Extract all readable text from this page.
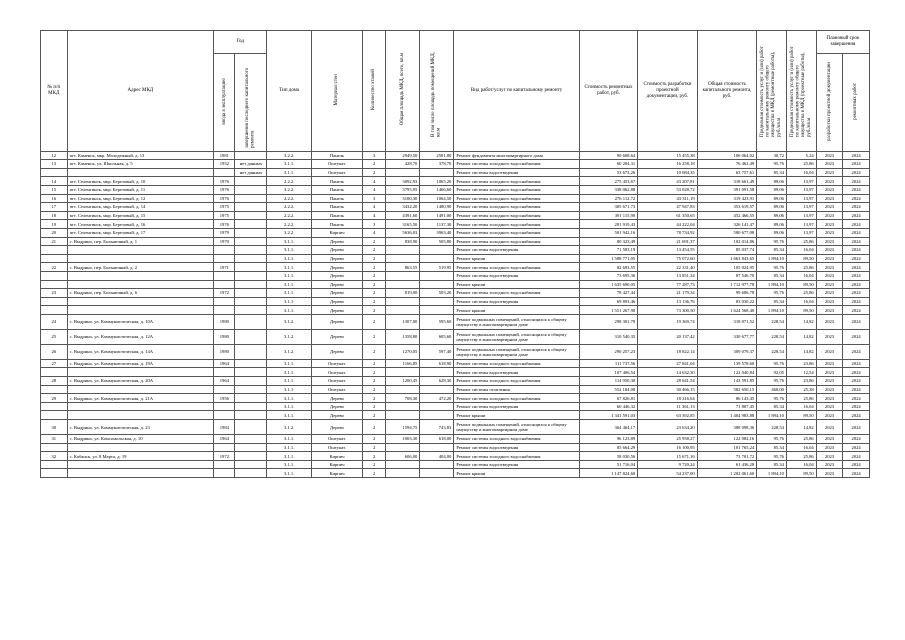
№ п/п МКД	Адрес МКД	Год		Тип дома	Материал стен	Количество этажей	Общая площадь МКД, всего, кв.м	В том числе площадь помещений МКД, кв.м	Вид работ/услуг по капитальному ремонту	Стоимость ремонтных работ, руб.	Стоимость разработки проектной документации, руб.	Общая стоимость капитального ремонта, руб.	Предельная стоимость услуг и (или) работ по капитальному ремонту общего имущества в МКД (ремонтные работы), руб./кв.м	Предельная стоимость услуг и (или) работ по капитальному ремонту общего имущества в МКД (проектные работы), руб./кв.м	Плановый срок завершения	
		ввода в эксплуатацию	завершения последнего капитального ремонта												разработки проектной документации	ремонтных работ
12	пгт. Каменск, мкр. Молодежный, д. 13	1981		3.2.2.	Панель	3	2949,50	2581,80	Ремонт фундамента многоквартирного дома	90 608,64	15 455,38	106 064,02	30,72	5,24	2023	2024
13	пгт. Каменск, ул. Школьная, д. 5	1952	нет данных	3.1.1.	Оштукат.	2	428,70	378,70	Ремонт системы холодного водоснабжения	60 204,31	16 258,18	76 462,49	95,76	25,86	2023	2024
			нет данных	3.1.1.	Оштукат.	2			Ремонт системы водоотведения	53 673,26	10 084,35	63 757,61	85,34	16,04	2023	2024
14	пгт. Селенгинск, мкр. Березовый, д. 10	1976		2.2.2.	Панель	4	3092,93	1065,20	Ремонт системы холодного водоснабжения	275 453,67	43 207,81	318 661,49	89,06	13,97	2023	2024
15	пгт. Селенгинск, мкр. Березовый, д. 11	1976		3.2.2.	Панель	4	3795,95	1466,60	Ремонт системы холодного водоснабжения	338 062,88	53 028,72	391 091,58	89,06	13,97	2023	2024
16	пгт. Селенгинск, мкр. Березовый, д. 12	1976		2.2.2.	Панель	3	3100,30	1064,50	Ремонт системы холодного водоснабжения	276 112,72	43 311,19	319 423,91	89,06	13,97	2023	2024
17	пгт. Селенгинск, мкр. Березовый, д. 14	1975		2.2.2.	Панель	4	3432,20	1480,90	Ремонт системы холодного водоснабжения	305 671,73	47 947,83	353 619,57	89,06	13,97	2023	2024
18	пгт. Селенгинск, мкр. Березовый, д. 15	1975		2.2.2.	Панель	4	4391,60	1491,00	Ремонт системы холодного водоснабжения	391 115,90	61 350,65	452 466,55	89,06	13,97	2023	2024
19	пгт. Селенгинск, мкр. Березовый, д. 16	1976		2.2.2.	Панель	3	3165,50	1137,30	Ремонт системы холодного водоснабжения	281 919,43	44 222,04	326 141,47	89,06	13,97	2023	2024
20	пгт. Селенгинск, мкр. Березовый, д. 17	1979		3.2.2.	Кирпич	4	5636,03	3963,40	Ремонт системы холодного водоснабжения	501 942,16	78 734,92	580 677,08	89,06	13,97	2023	2024
21	с. Выдрино, пер. Больничный, д. 1	1970		3.1.1.	Дерево	2	838,90	505,80	Ремонт системы холодного водоснабжения	80 323,49	21 691,37	102 014,86	95,76	25,86	2023	2024
				3.1.1.	Дерево	2			Ремонт системы водоотведения	71 583,19	13 454,55	85 037,74	85,34	16,04	2023	2024
				3.1.1.	Дерево	2			Ремонт крыши	1 588 771,05	75 072,60	1 663 843,65	1 894,10	89,50	2023	2024
22	с. Выдрино, пер. Больничный, д. 2	1971		3.1.1.	Дерево	2	863,55	519,95	Ремонт системы холодного водоснабжения	82 693,55	22 331,40	105 024,95	95,76	25,86	2023	2024
				3.1.1.	Дерево	2			Ремонт системы водоотведения	73 695,36	13 851,34	87 546,70	85,34	16,04	2023	2024
				3.1.1.	Дерево	2			Ремонт крыши	1 635 690,05	77 287,73	1 712 977,78	1 894,10	89,50	2023	2024
23	с. Выдрино, пер. Больничный, д. 6	1972		3.1.1.	Дерево	2	819,00	503,20	Ремонт системы холодного водоснабжения	78 427,44	21 179,34	99 606,78	95,76	25,86	2023	2024
				3.1.1.	Дерево	2			Ремонт системы водоотведения	69 893,46	13 136,76	83 030,22	85,34	16,04	2023	2024
				3.1.1.	Дерево	2			Ремонт крыши	1 551 267,90	73 300,50	1 624 568,40	1 894,10	89,50	2023	2024
24	с. Выдрино, ул. Коммунистическая, д. 10А	1980		3.1.2.	Дерево	2	1307,00	595,60	Ремонт подвальных помещений, относящихся к общему имуществу в многоквартирном доме	298 301,78	19 369,74	318 071,52	228,54	14,82	2023	2024
25	с. Выдрино, ул. Коммунистическая, д. 12А	1980		3.1.2.	Дерево	2	1358,80	605,60	Ремонт подвальных помещений, относящихся к общему имуществу в многоквартирном доме	310 540,35	20 137,42	330 677,77	228,54	14,82	2023	2024
26	с. Выдрино, ул. Коммунистическая, д. 14А	1980		3.1.2.	Дерево	2	1270,05	597,40	Ремонт подвальных помещений, относящихся к общему имуществу в многоквартирном доме	290 257,23	18 822,14	309 079,37	228,54	14,82	2023	2024
27	с. Выдрино, ул. Коммунистическая, д. 19А	1964		3.1.1.	Оштукат.	2	1166,85	618,90	Ремонт системы холодного водоснабжения	111 737,56	27 841,04	139 578,60	95,76	23,86	2023	2024
				3.1.1.	Оштукат.	2			Ремонт системы водоотведения	107 406,54	14 632,30	122 040,84	92,05	12,54	2023	2024
28	с. Выдрино, ул. Коммунистическая, д. 20А	1964		3.1.1.	Оштукат.	2	1200,45	628,30	Ремонт системы холодного водоснабжения	114 950,30	28 641,54	143 591,85	95,76	23,86	2023	2024
				3.1.1.	Оштукат.	2			Ремонт системы отопления	552 184,00	30 466,15	582 650,15	460,00	25,38	2023	2024
29	с. Выдрино, ул. Коммунистическая, д. 21А	1956		3.1.1.	Дерево	2	708,30	472,20	Ремонт системы холодного водоснабжения	67 826,81	18 316,64	86 143,45	95,76	25,86	2023	2024
				3.1.1.	Дерево	2			Ремонт системы водоотведения	60 446,32	11 361,13	71 807,45	85,34	16,04	2023	2024
				3.1.1.	Дерево	2			Ремонт крыши	1 341 591,03	63 392,85	1 404 983,88	1 894,10	89,50	2023	2024
30	с. Выдрино, ул. Коммунистическая, д. 23	1984		3.1.2.	Дерево	2	1594,75	743,83	Ремонт подвальных помещений, относящихся к общему имуществу в многоквартирном доме	364 464,17	23 634,20	388 098,36	228,54	14,82	2023	2024
31	с. Выдрино, ул. Комсомольская, д. 10	1964		3.1.1.	Оштукат.	2	1003,30	618,00	Ремонт системы холодного водоснабжения	96 123,89	25 958,27	122 082,16	95,76	25,86	2023	2024
				3.1.1.	Оштукат.	2			Ремонт системы водоотведения	85 664,29	16 100,95	101 765,24	85,34	16,04	2023	2024
32	с. Кабанск, ул. 8 Марта, д. 19	1972		3.1.1.	Кирпич	2	606,00	404,00	Ремонт системы холодного водоснабжения	58 030,56	15 671,16	73 701,72	95,76	25,86	2023	2024
				3.1.1.	Кирпич	2			Ремонт системы водоотведения	51 716,04	9 720,24	61 436,28	85,34	16,04	2023	2024
				3.1.1.	Кирпич	2			Ремонт крыши	1 147 824,60	54 237,00	1 202 061,60	1 894,10	89,50	2023	2024
